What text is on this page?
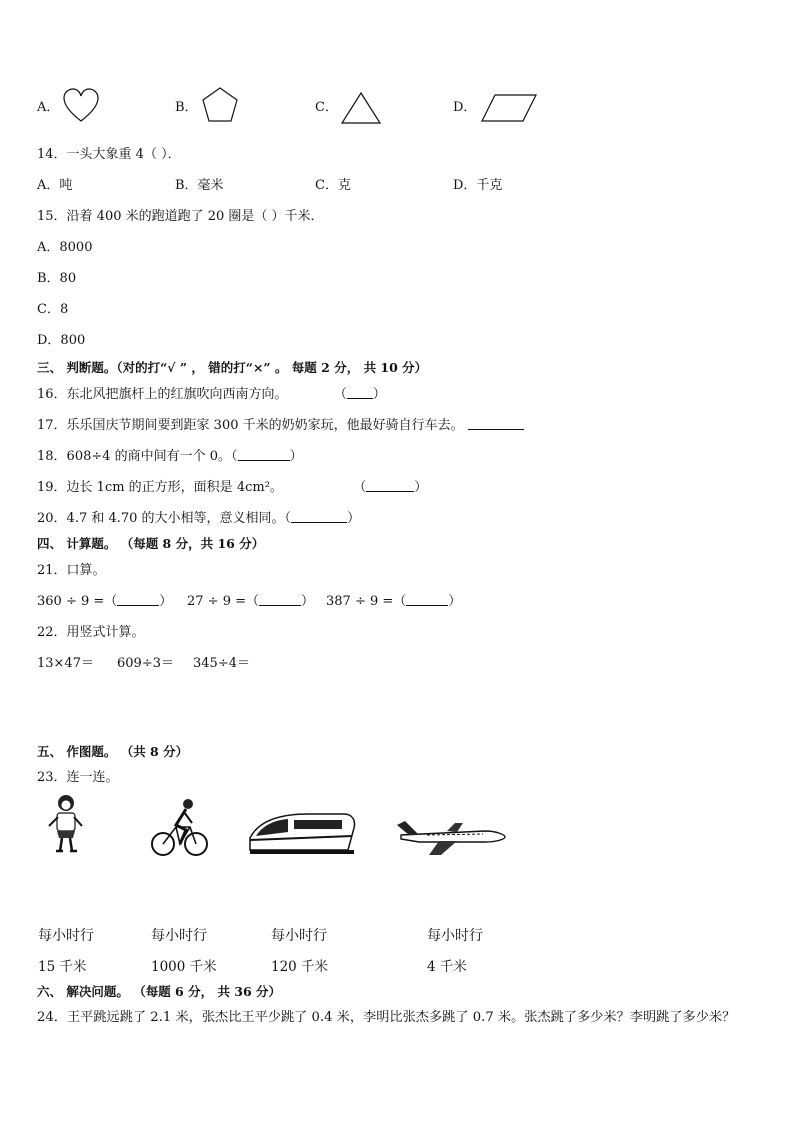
A．	B．	C．	D．
14．一头大象重 4（ ）．
A．吨	B．毫米	C．克	D．千克
15．沿着 400 米的跑道跑了 20 圈是（ ）千米．
A．8000
B．80
C．8
D．800
三、 判断题。（对的打“√ ” ， 错的打“×” 。 每题 2 分， 共 10 分）
16．东北风把旗杆上的红旗吹向西南方向。	（ ）
17．乐乐国庆节期间要到距家 300 千米的奶奶家玩，他最好骑自行车去。
18．608÷4 的商中间有一个 0。（	）
19．边长 1cm 的正方形，面积是 4cm²。	（	）
20．4.7 和 4.70 的大小相等，意义相同。（	）
四、 计算题。 （每题 8 分，共 16 分）
21．口算。
360 ÷ 9 =（	） 27 ÷ 9 =（	） 387 ÷ 9 =（	）
22．用竖式计算。
13×47＝ 609÷3＝ 345÷4＝
五、 作图题。 （共 8 分）
23．连一连。
每小时行	每小时行	每小时行	每小时行
15 千米	1000 千米	120 千米	4 千米
六、 解决问题。 （每题 6 分， 共 36 分）
24．王平跳远跳了 2.1 米，张杰比王平少跳了 0.4 米，李明比张杰多跳了 0.7 米。张杰跳了多少米？李明跳了多少米？
